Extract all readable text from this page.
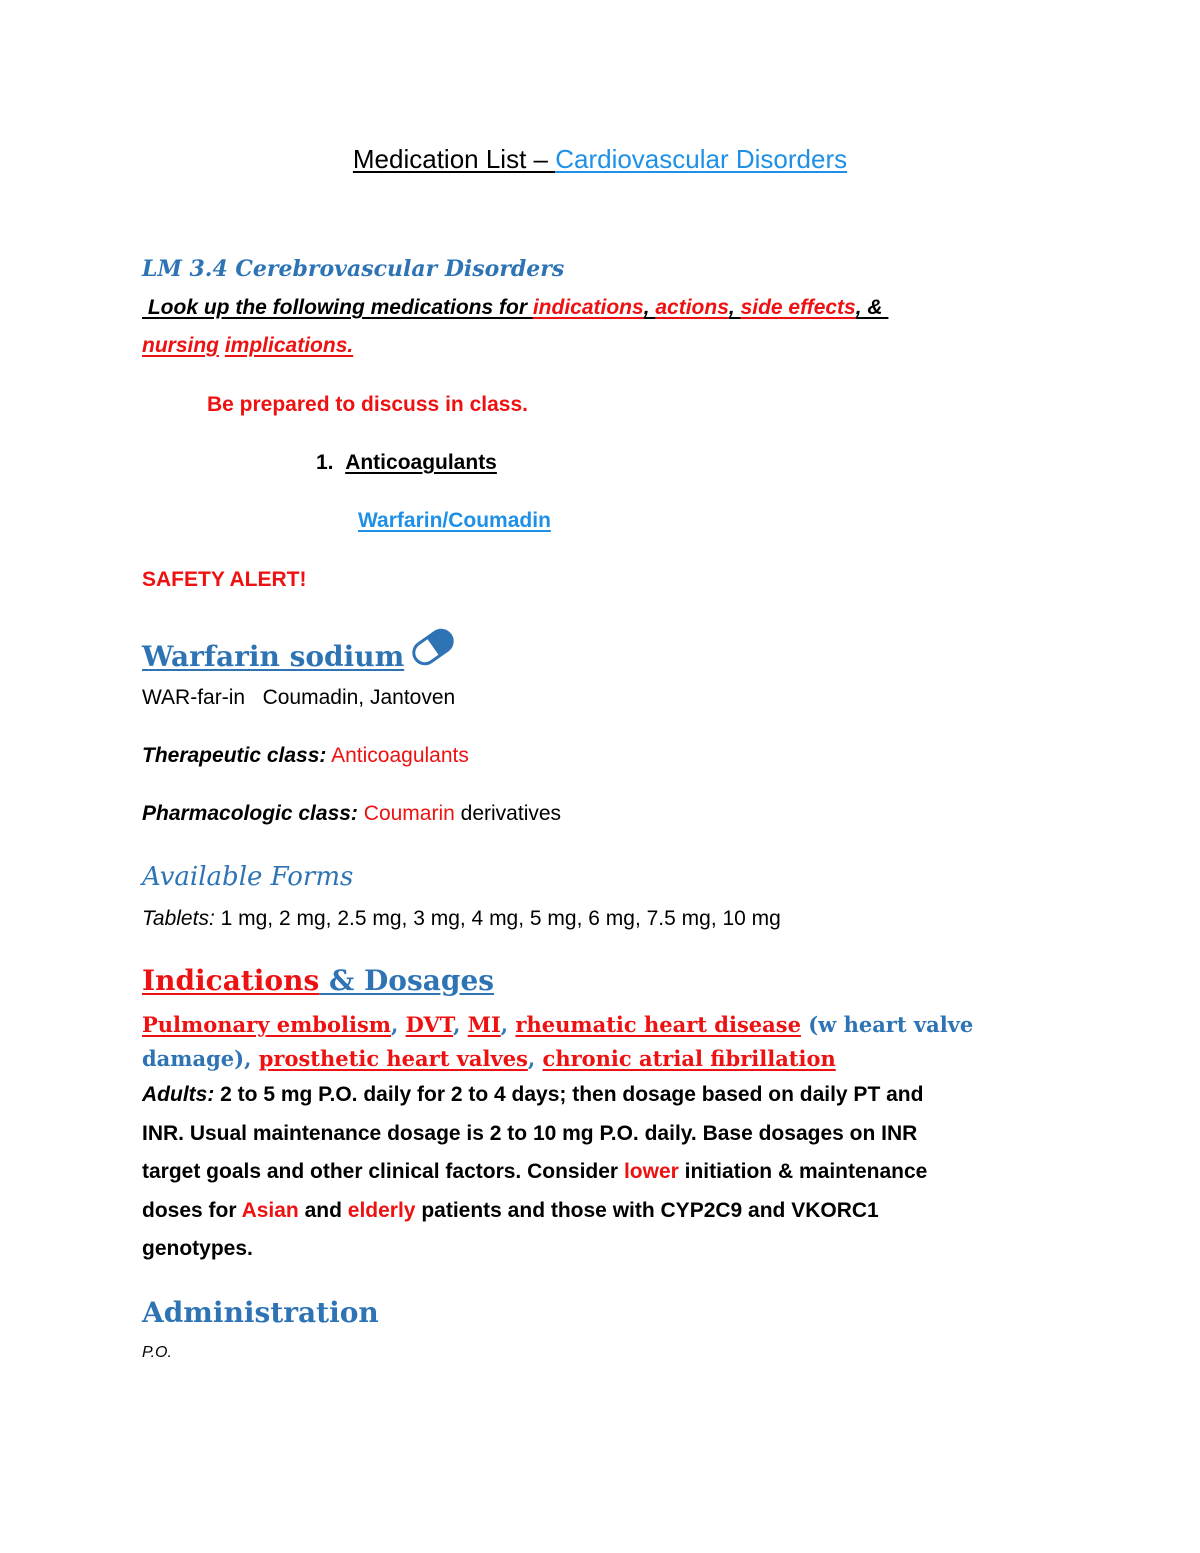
Medication List – Cardiovascular Disorders
LM 3.4 Cerebrovascular Disorders
Look up the following medications for indications, actions, side effects, &
nursing implications.
Be prepared to discuss in class.
1. Anticoagulants
Warfarin/Coumadin
SAFETY ALERT!
Warfarin sodium
WAR-far-in Coumadin, Jantoven
Therapeutic class: Anticoagulants
Pharmacologic class: Coumarin derivatives
Available Forms
Tablets: 1 mg, 2 mg, 2.5 mg, 3 mg, 4 mg, 5 mg, 6 mg, 7.5 mg, 10 mg
Indications & Dosages
Pulmonary embolism, DVT, MI, rheumatic heart disease (w heart valve
damage), prosthetic heart valves, chronic atrial fibrillation
Adults: 2 to 5 mg P.O. daily for 2 to 4 days; then dosage based on daily PT and
INR. Usual maintenance dosage is 2 to 10 mg P.O. daily. Base dosages on INR
target goals and other clinical factors. Consider lower initiation & maintenance
doses for Asian and elderly patients and those with CYP2C9 and VKORC1
genotypes.
Administration
P.O.
